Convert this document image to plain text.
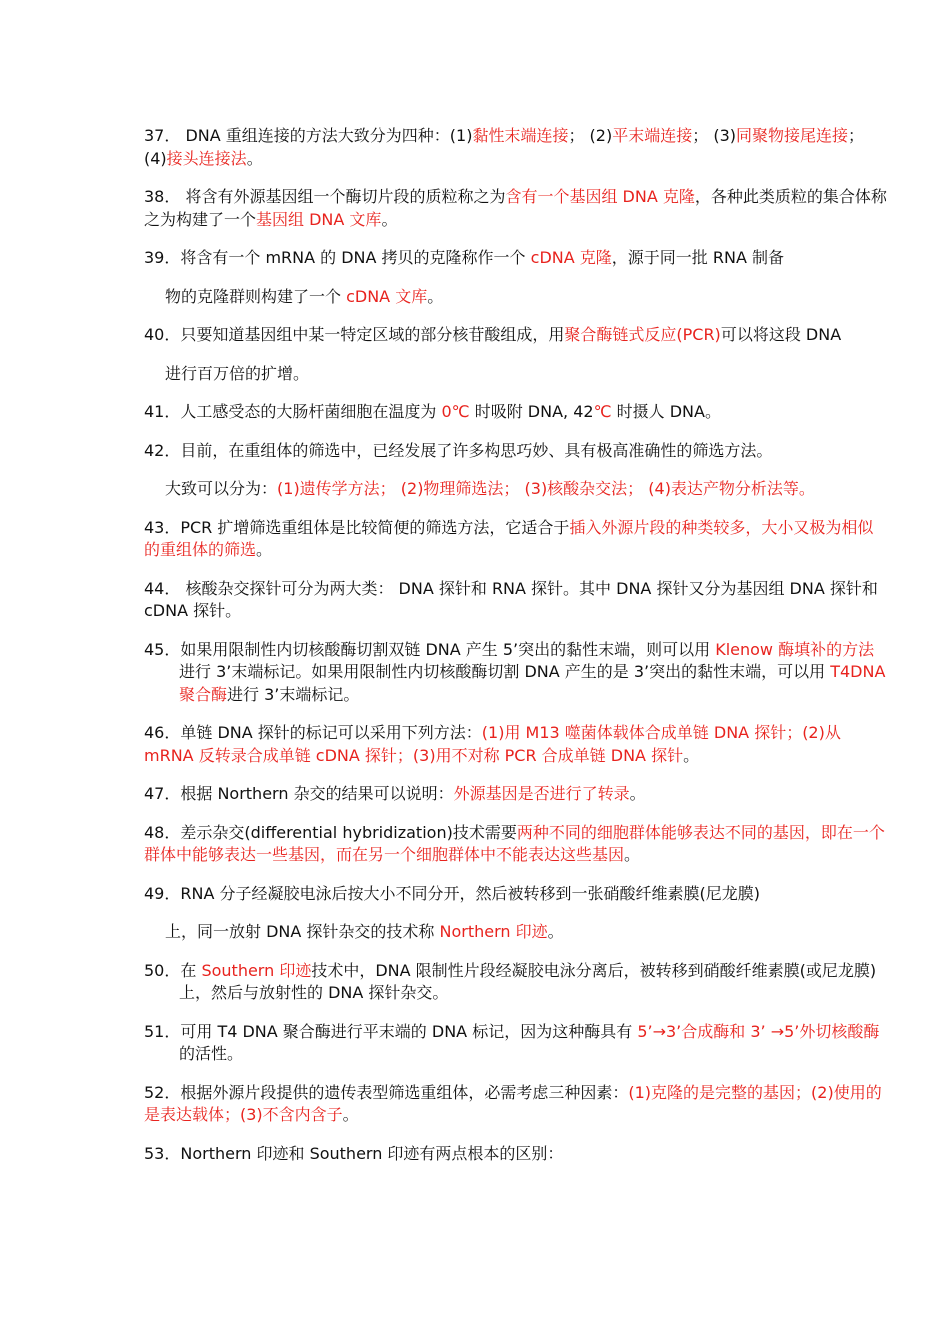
37． DNA 重组连接的方法大致分为四种：(1)黏性末端连接； (2)平末端连接； (3)同聚物接尾连接； (4)接头连接法。

38． 将含有外源基因组一个酶切片段的质粒称之为含有一个基因组 DNA 克隆，各种此类质粒的集合体称之为构建了一个基因组 DNA 文库。

39．将含有一个 mRNA 的 DNA 拷贝的克隆称作一个 cDNA 克隆，源于同一批 RNA 制备

物的克隆群则构建了一个 cDNA 文库。

40．只要知道基因组中某一特定区域的部分核苷酸组成，用聚合酶链式反应(PCR)可以将这段 DNA

进行百万倍的扩增。

41．人工感受态的大肠杆菌细胞在温度为 0℃ 时吸附 DNA, 42℃ 时摄人 DNA。

42．目前，在重组体的筛选中，已经发展了许多构思巧妙、具有极高准确性的筛选方法。

大致可以分为：(1)遗传学方法； (2)物理筛选法； (3)核酸杂交法； (4)表达产物分析法等。

43．PCR 扩增筛选重组体是比较简便的筛选方法，它适合于插入外源片段的种类较多，大小又极为相似的重组体的筛选。

44． 核酸杂交探针可分为两大类： DNA 探针和 RNA 探针。其中 DNA 探针又分为基因组 DNA 探针和 cDNA 探针。

45．如果用限制性内切核酸酶切割双链 DNA 产生 5’突出的黏性末端，则可以用 Klenow 酶填补的方法进行 3’末端标记。如果用限制性内切核酸酶切割 DNA 产生的是 3’突出的黏性末端，可以用 T4DNA 聚合酶进行 3’末端标记。

46．单链 DNA 探针的标记可以采用下列方法：(1)用 M13 噬菌体载体合成单链 DNA 探针；(2)从 mRNA 反转录合成单链 cDNA 探针；(3)用不对称 PCR 合成单链 DNA 探针。

47．根据 Northern 杂交的结果可以说明：外源基因是否进行了转录。

48．差示杂交(differential hybridization)技术需要两种不同的细胞群体能够表达不同的基因，即在一个群体中能够表达一些基因，而在另一个细胞群体中不能表达这些基因。

49．RNA 分子经凝胶电泳后按大小不同分开，然后被转移到一张硝酸纤维素膜(尼龙膜)

上，同一放射 DNA 探针杂交的技术称 Northern 印迹。

50．在 Southern 印迹技术中，DNA 限制性片段经凝胶电泳分离后，被转移到硝酸纤维素膜(或尼龙膜)上，然后与放射性的 DNA 探针杂交。

51．可用 T4 DNA 聚合酶进行平末端的 DNA 标记，因为这种酶具有 5’→3’合成酶和 3’ →5’外切核酸酶的活性。

52．根据外源片段提供的遗传表型筛选重组体，必需考虑三种因素：(1)克隆的是完整的基因；(2)使用的是表达载体；(3)不含内含子。

53．Northern 印迹和 Southern 印迹有两点根本的区别：
